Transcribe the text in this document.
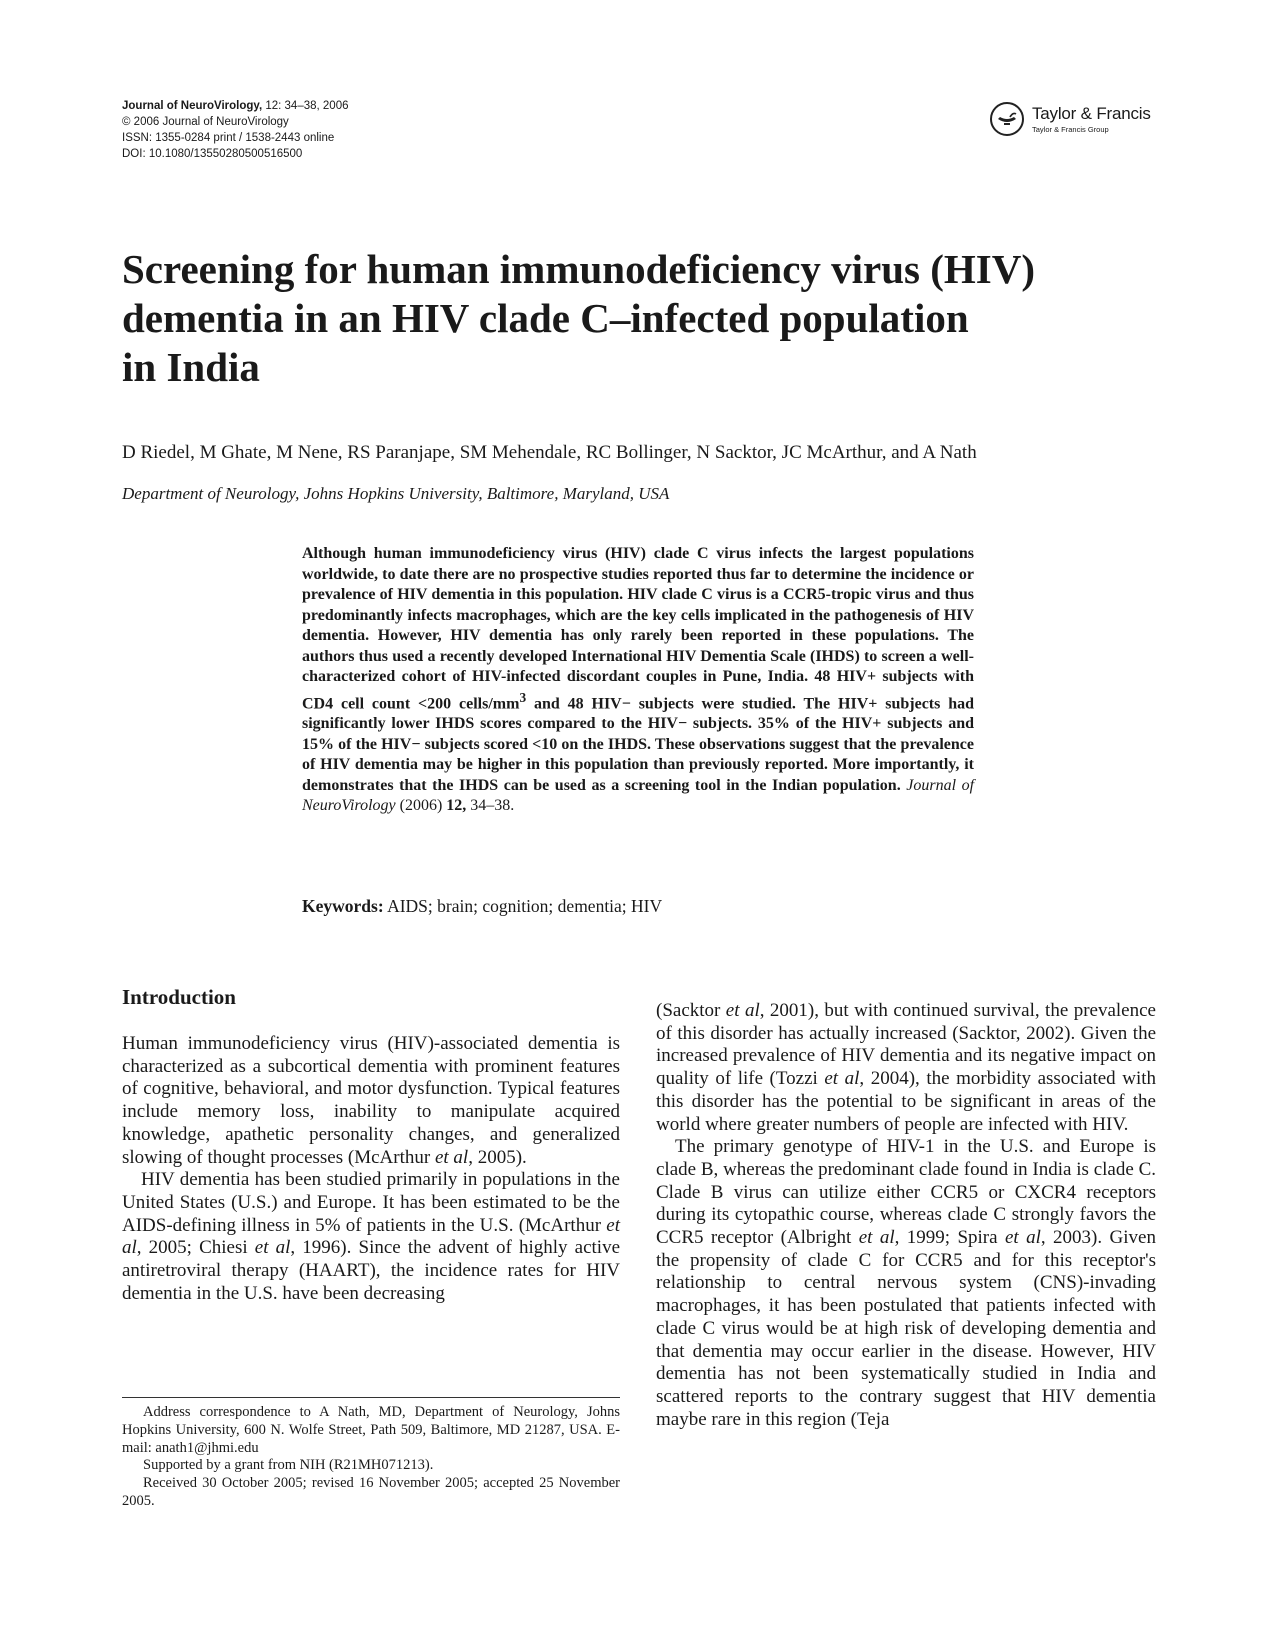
Journal of NeuroVirology, 12: 34–38, 2006
© 2006 Journal of NeuroVirology
ISSN: 1355-0284 print / 1538-2443 online
DOI: 10.1080/13550280500516500
Taylor & Francis
Taylor & Francis Group
Screening for human immunodeficiency virus (HIV)
dementia in an HIV clade C–infected population
in India
D Riedel, M Ghate, M Nene, RS Paranjape, SM Mehendale, RC Bollinger, N Sacktor, JC McArthur, and A Nath
Department of Neurology, Johns Hopkins University, Baltimore, Maryland, USA

Although human immunodeficiency virus (HIV) clade C virus infects the largest populations worldwide, to date there are no prospective studies reported thus far to determine the incidence or prevalence of HIV dementia in this population. HIV clade C virus is a CCR5-tropic virus and thus predominantly infects macrophages, which are the key cells implicated in the pathogenesis of HIV dementia. However, HIV dementia has only rarely been reported in these populations. The authors thus used a recently developed International HIV Dementia Scale (IHDS) to screen a well-characterized cohort of HIV-infected discordant couples in Pune, India. 48 HIV+ subjects with CD4 cell count <200 cells/$mm^3$ and 48 HIV− subjects were studied. The HIV+ subjects had significantly lower IHDS scores compared to the HIV− subjects. 35% of the HIV+ subjects and 15% of the HIV− subjects scored <10 on the IHDS. These observations suggest that the prevalence of HIV dementia may be higher in this population than previously reported. More importantly, it demonstrates that the IHDS can be used as a screening tool in the Indian population. Journal of NeuroVirology (2006) 12, 34–38.

Keywords: AIDS; brain; cognition; dementia; HIV
Introduction

Human immunodeficiency virus (HIV)-associated dementia is characterized as a subcortical dementia with prominent features of cognitive, behavioral, and motor dysfunction. Typical features include memory loss, inability to manipulate acquired knowledge, apathetic personality changes, and generalized slowing of thought processes (McArthur et al, 2005).

HIV dementia has been studied primarily in populations in the United States (U.S.) and Europe. It has been estimated to be the AIDS-defining illness in 5% of patients in the U.S. (McArthur et al, 2005; Chiesi et al, 1996). Since the advent of highly active antiretroviral therapy (HAART), the incidence rates for HIV dementia in the U.S. have been decreasing

(Sacktor et al, 2001), but with continued survival, the prevalence of this disorder has actually increased (Sacktor, 2002). Given the increased prevalence of HIV dementia and its negative impact on quality of life (Tozzi et al, 2004), the morbidity associated with this disorder has the potential to be significant in areas of the world where greater numbers of people are infected with HIV.

The primary genotype of HIV-1 in the U.S. and Europe is clade B, whereas the predominant clade found in India is clade C. Clade B virus can utilize either CCR5 or CXCR4 receptors during its cytopathic course, whereas clade C strongly favors the CCR5 receptor (Albright et al, 1999; Spira et al, 2003). Given the propensity of clade C for CCR5 and for this receptor's relationship to central nervous system (CNS)-invading macrophages, it has been postulated that patients infected with clade C virus would be at high risk of developing dementia and that dementia may occur earlier in the disease. However, HIV dementia has not been systematically studied in India and scattered reports to the contrary suggest that HIV dementia maybe rare in this region (Teja

Address correspondence to A Nath, MD, Department of Neurology, Johns Hopkins University, 600 N. Wolfe Street, Path 509, Baltimore, MD 21287, USA. E-mail: anath1@jhmi.edu

Supported by a grant from NIH (R21MH071213).

Received 30 October 2005; revised 16 November 2005; accepted 25 November 2005.
